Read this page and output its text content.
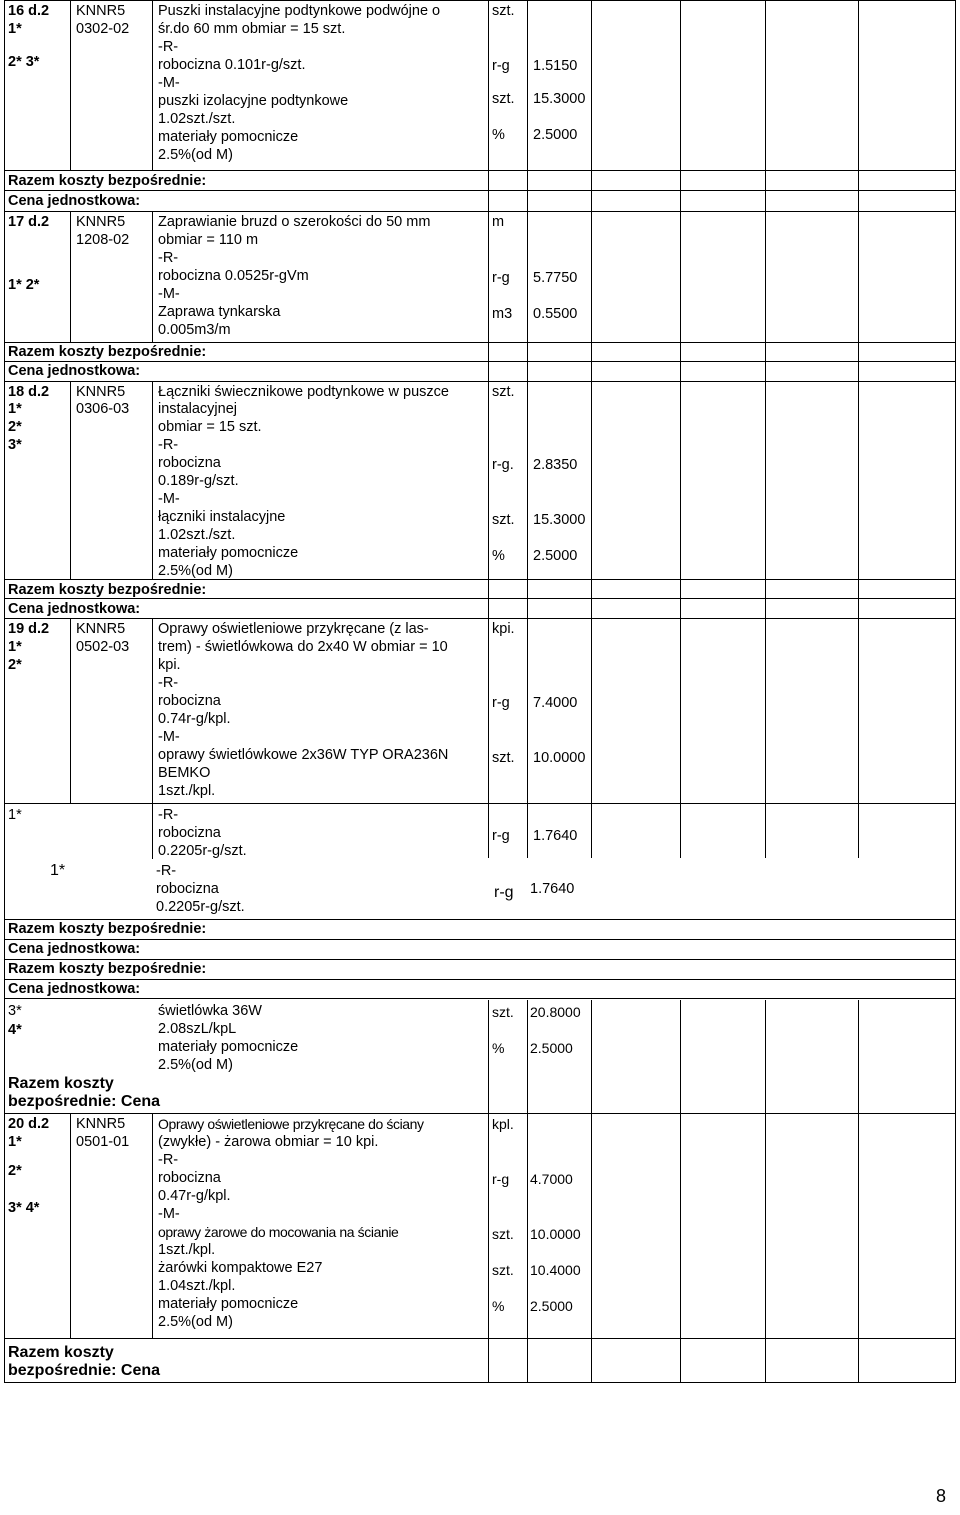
16 d.2
1*
2* 3*
KNNR5
0302-02
Puszki instalacyjne podtynkowe podwójne o
śr.do 60 mm obmiar = 15 szt.
-R-
robocizna 0.101r-g/szt.
-M-
puszki izolacyjne podtynkowe
1.02szt./szt.
materiały pomocnicze
2.5%(od M)
szt.
r-g
szt.
%
1.5150
15.3000
2.5000
Razem koszty bezpośrednie:
Cena jednostkowa:
17 d.2
1* 2*
KNNR5
1208-02
Zaprawianie bruzd o szerokości do 50 mm
obmiar = 110 m
-R-
robocizna 0.0525r-gVm
-M-
Zaprawa tynkarska
0.005m3/m
m
r-g
m3
5.7750
0.5500
Razem koszty bezpośrednie:
Cena jednostkowa:
18 d.2
1*
2*
3*
KNNR5
0306-03
Łączniki świecznikowe podtynkowe w puszce
instalacyjnej
obmiar = 15 szt.
-R-
robocizna
0.189r-g/szt.
-M-
łączniki instalacyjne
1.02szt./szt.
materiały pomocnicze
2.5%(od M)
szt.
r-g.
szt.
%
2.8350
15.3000
2.5000
Razem koszty bezpośrednie:
Cena jednostkowa:
19 d.2
1*
2*
KNNR5
0502-03
Oprawy oświetleniowe przykręcane (z las-
trem) - świetlówkowa do 2x40 W obmiar = 10
kpi.
-R-
robocizna
0.74r-g/kpl.
-M-
oprawy świetlówkowe 2x36W TYP ORA236N
BEMKO
1szt./kpl.
kpi.
r-g
szt.
7.4000
10.0000
1*	-R-
robocizna
0.2205r-g/szt.
r-g 1.7640
1*	-R-
robocizna
0.2205r-g/szt.
r-g 1.7640
Razem koszty bezpośrednie:
Cena jednostkowa:
Razem koszty bezpośrednie:
Cena jednostkowa:
3*
4*
świetlówka 36W
2.08szL/kpL
materiały pomocnicze
2.5%(od M)
szt.
%
20.8000
2.5000
Razem koszty
bezpośrednie: Cena
20 d.2
1*
2*
3* 4*
KNNR5
0501-01
Oprawy oświetleniowe przykręcane do ściany
(zwykłe) - żarowa obmiar = 10 kpi.
-R-
robocizna
0.47r-g/kpl.
-M-
oprawy żarowe do mocowania na ścianie
1szt./kpl.
żarówki kompaktowe E27
1.04szt./kpl.
materiały pomocnicze
2.5%(od M)
kpl.
r-g
szt.
szt.
%
4.7000
10.0000
10.4000
2.5000
Razem koszty
bezpośrednie: Cena
8
